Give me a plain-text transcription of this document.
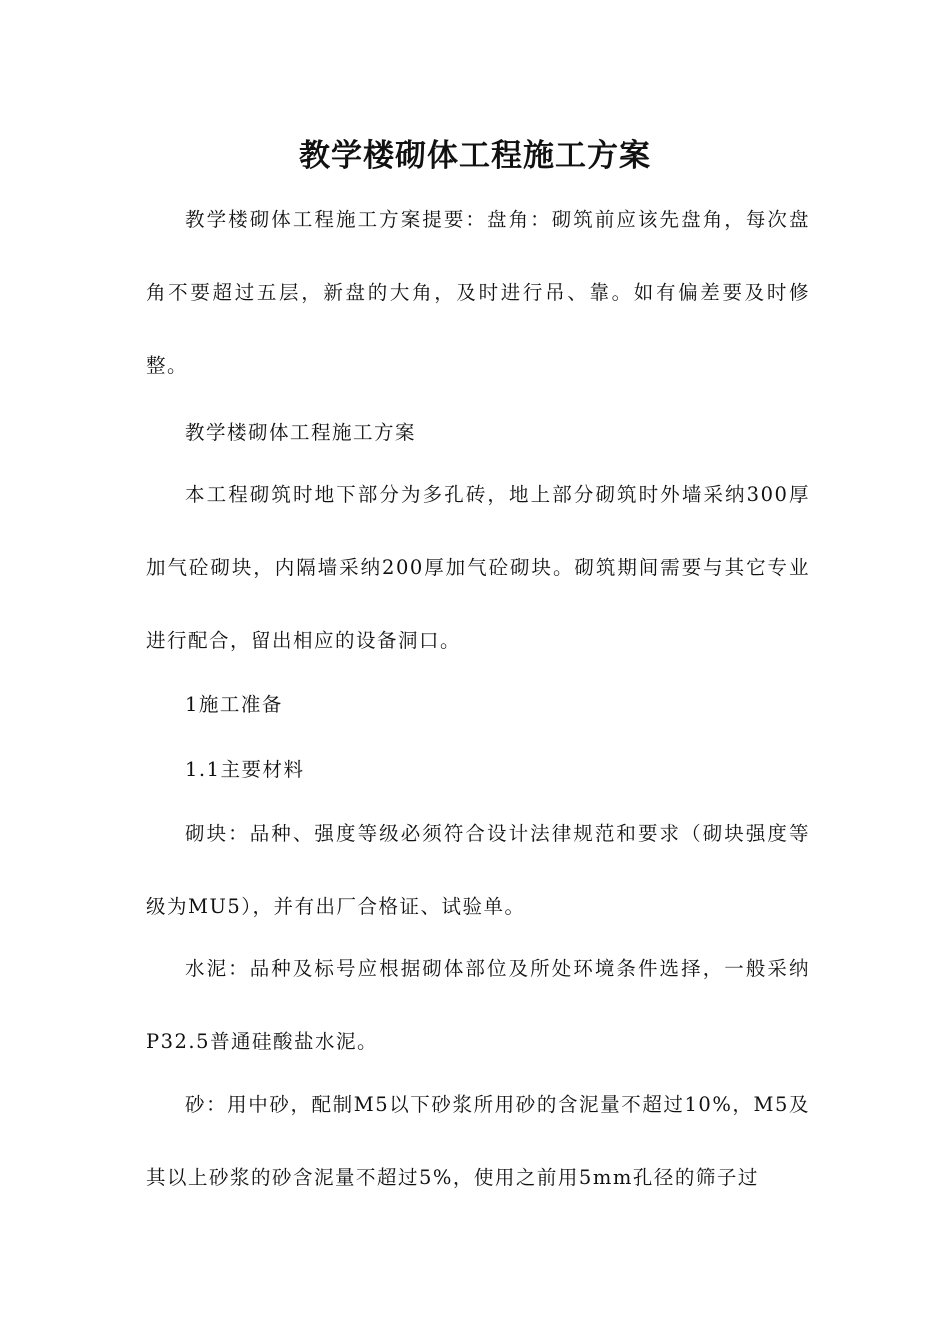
教学楼砌体工程施工方案

教学楼砌体工程施工方案提要：盘角：砌筑前应该先盘角，每次盘角不要超过五层，新盘的大角，及时进行吊、靠。如有偏差要及时修整。

教学楼砌体工程施工方案

本工程砌筑时地下部分为多孔砖，地上部分砌筑时外墙采纳300厚加气砼砌块，内隔墙采纳200厚加气砼砌块。砌筑期间需要与其它专业进行配合，留出相应的设备洞口。

1施工准备

1.1主要材料

砌块：品种、强度等级必须符合设计法律规范和要求（砌块强度等级为MU5），并有出厂合格证、试验单。

水泥：品种及标号应根据砌体部位及所处环境条件选择，一般采纳P32.5普通硅酸盐水泥。

砂：用中砂，配制M5以下砂浆所用砂的含泥量不超过10%，M5及其以上砂浆的砂含泥量不超过5%，使用之前用5mm孔径的筛子过
